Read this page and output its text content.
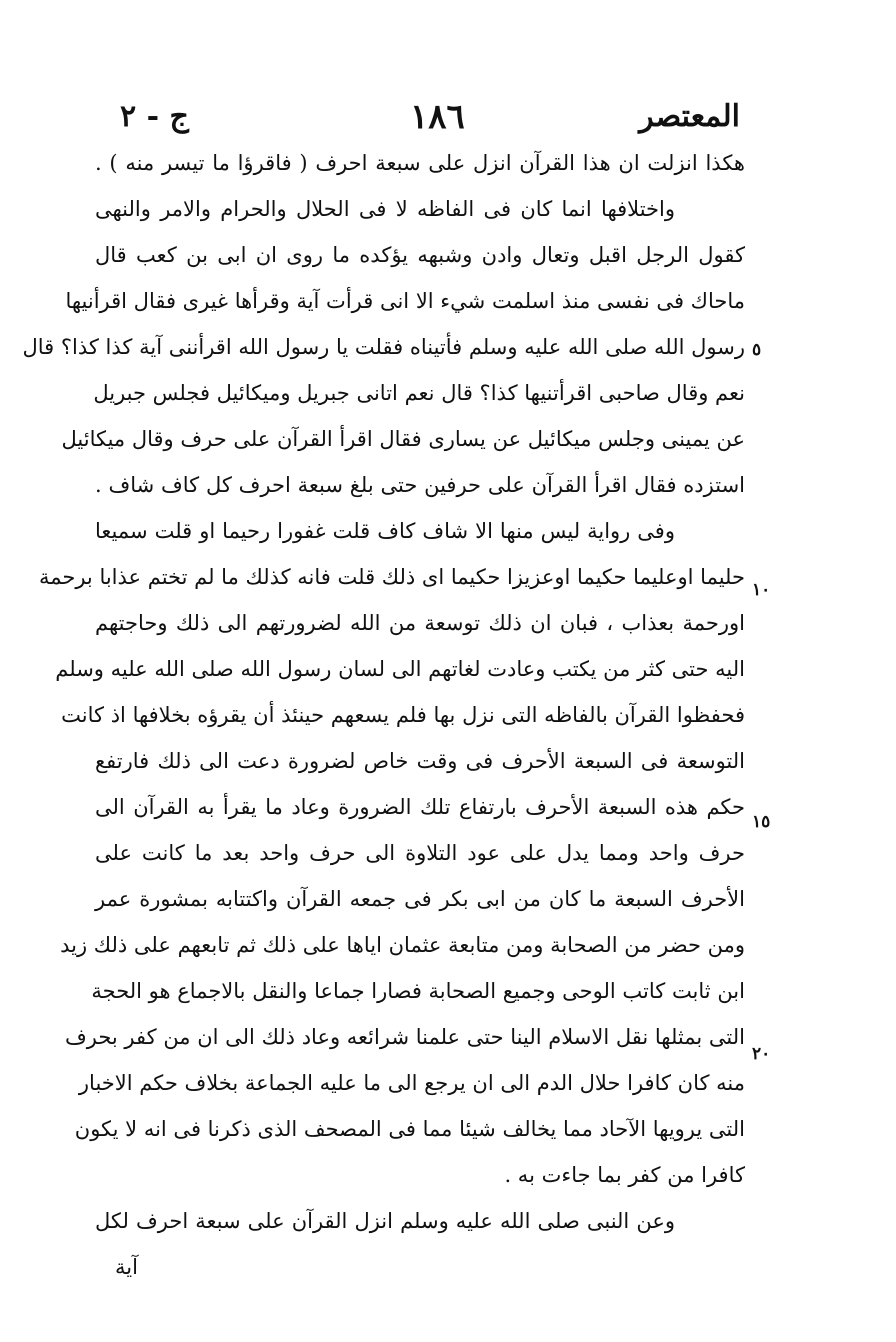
المعتصر
١٨٦
ج - ٢
هكذا انزلت ان هذا القرآن انزل على سبعة احرف ( فاقرؤا ما تيسر منه ) .
واختلافها انما كان فى الفاظه لا فى الحلال والحرام والامر والنهى
كقول الرجل اقبل وتعال وادن وشبهه يؤكده ما روى ان ابى بن كعب قال
ماحاك فى نفسى منذ اسلمت شيء الا انى قرأت آية وقرأها غيرى فقال اقرأنيها
رسول الله صلى الله عليه وسلم فأتيناه فقلت يا رسول الله اقرأننى آية كذا كذا؟ قال
نعم وقال صاحبى اقرأتنيها كذا؟ قال نعم اتانى جبريل وميكائيل فجلس جبريل
عن يمينى وجلس ميكائيل عن يسارى فقال اقرأ القرآن على حرف وقال ميكائيل
استزده فقال اقرأ القرآن على حرفين حتى بلغ سبعة احرف كل كاف شاف .
وفى رواية ليس منها الا شاف كاف قلت غفورا رحيما او قلت سميعا
حليما اوعليما حكيما اوعزيزا حكيما اى ذلك قلت فانه كذلك ما لم تختم عذابا برحمة
اورحمة بعذاب ، فبان ان ذلك توسعة من الله لضرورتهم الى ذلك وحاجتهم
اليه حتى كثر من يكتب وعادت لغاتهم الى لسان رسول الله صلى الله عليه وسلم
فحفظوا القرآن بالفاظه التى نزل بها فلم يسعهم حينئذ أن يقرؤه بخلافها اذ كانت
التوسعة فى السبعة الأحرف فى وقت خاص لضرورة دعت الى ذلك فارتفع
حكم هذه السبعة الأحرف بارتفاع تلك الضرورة وعاد ما يقرأ به القرآن الى
حرف واحد ومما يدل على عود التلاوة الى حرف واحد بعد ما كانت على
الأحرف السبعة ما كان من ابى بكر فى جمعه القرآن واكتتابه بمشورة عمر
ومن حضر من الصحابة ومن متابعة عثمان اياها على ذلك ثم تابعهم على ذلك زيد
ابن ثابت كاتب الوحى وجميع الصحابة فصارا جماعا والنقل بالاجماع هو الحجة
التى بمثلها نقل الاسلام الينا حتى علمنا شرائعه وعاد ذلك الى ان من كفر بحرف
منه كان كافرا حلال الدم الى ان يرجع الى ما عليه الجماعة بخلاف حكم الاخبار
التى يرويها الآحاد مما يخالف شيئا مما فى المصحف الذى ذكرنا فى انه لا يكون
كافرا من كفر بما جاءت به .
وعن النبى صلى الله عليه وسلم انزل القرآن على سبعة احرف لكل
آية
٥
١٠
١٥
٢٠
